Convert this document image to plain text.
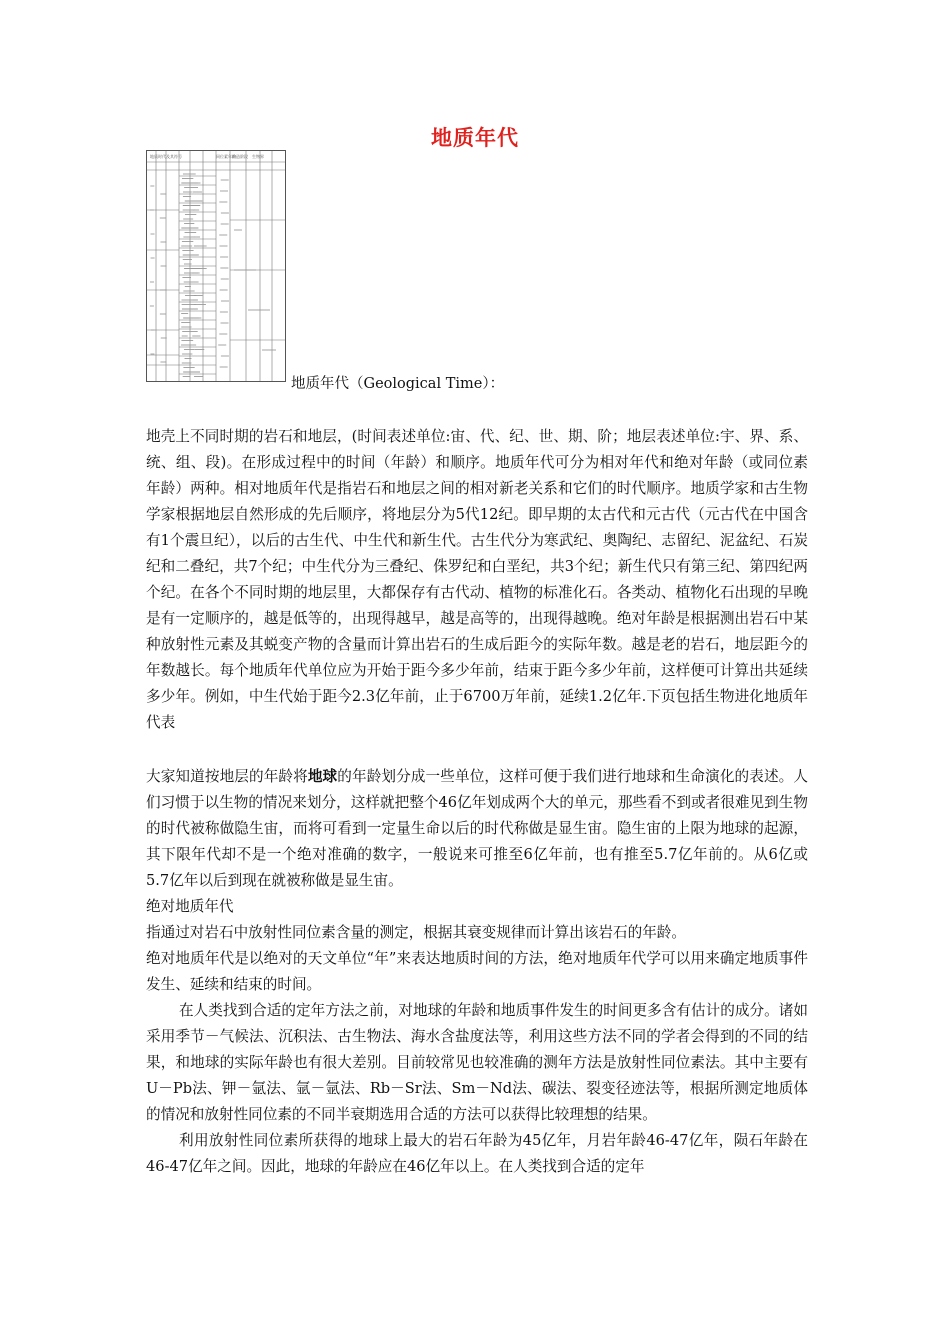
地质年代
地质时代及其符号	同位素年龄
构造阶段 生物界
地质年代（Geological Time）：

地壳上不同时期的岩石和地层，(时间表述单位:宙、代、纪、世、期、阶；地层表述单位:宇、界、系、统、组、段)。在形成过程中的时间（年龄）和顺序。地质年代可分为相对年代和绝对年龄（或同位素年龄）两种。相对地质年代是指岩石和地层之间的相对新老关系和它们的时代顺序。地质学家和古生物学家根据地层自然形成的先后顺序，将地层分为5代12纪。即早期的太古代和元古代（元古代在中国含有1个震旦纪），以后的古生代、中生代和新生代。古生代分为寒武纪、奥陶纪、志留纪、泥盆纪、石炭纪和二叠纪，共7个纪；中生代分为三叠纪、侏罗纪和白垩纪，共3个纪；新生代只有第三纪、第四纪两个纪。在各个不同时期的地层里，大都保存有古代动、植物的标准化石。各类动、植物化石出现的早晚是有一定顺序的，越是低等的，出现得越早，越是高等的，出现得越晚。绝对年龄是根据测出岩石中某种放射性元素及其蜕变产物的含量而计算出岩石的生成后距今的实际年数。越是老的岩石，地层距今的年数越长。每个地质年代单位应为开始于距今多少年前，结束于距今多少年前，这样便可计算出共延续多少年。例如，中生代始于距今2.3亿年前，止于6700万年前，延续1.2亿年.下页包括生物进化地质年代表

大家知道按地层的年龄将地球的年龄划分成一些单位，这样可便于我们进行地球和生命演化的表述。人们习惯于以生物的情况来划分，这样就把整个46亿年划成两个大的单元，那些看不到或者很难见到生物的时代被称做隐生宙，而将可看到一定量生命以后的时代称做是显生宙。隐生宙的上限为地球的起源，其下限年代却不是一个绝对准确的数字，一般说来可推至6亿年前，也有推至5.7亿年前的。从6亿或5.7亿年以后到现在就被称做是显生宙。

绝对地质年代

指通过对岩石中放射性同位素含量的测定，根据其衰变规律而计算出该岩石的年龄。

绝对地质年代是以绝对的天文单位“年”来表达地质时间的方法，绝对地质年代学可以用来确定地质事件发生、延续和结束的时间。

在人类找到合适的定年方法之前，对地球的年龄和地质事件发生的时间更多含有估计的成分。诸如采用季节－气候法、沉积法、古生物法、海水含盐度法等，利用这些方法不同的学者会得到的不同的结果，和地球的实际年龄也有很大差别。目前较常见也较准确的测年方法是放射性同位素法。其中主要有U－Pb法、钾－氩法、氩－氩法、Rb－Sr法、Sm－Nd法、碳法、裂变径迹法等，根据所测定地质体的情况和放射性同位素的不同半衰期选用合适的方法可以获得比较理想的结果。

利用放射性同位素所获得的地球上最大的岩石年龄为45亿年，月岩年龄46-47亿年，陨石年龄在46-47亿年之间。因此，地球的年龄应在46亿年以上。在人类找到合适的定年
